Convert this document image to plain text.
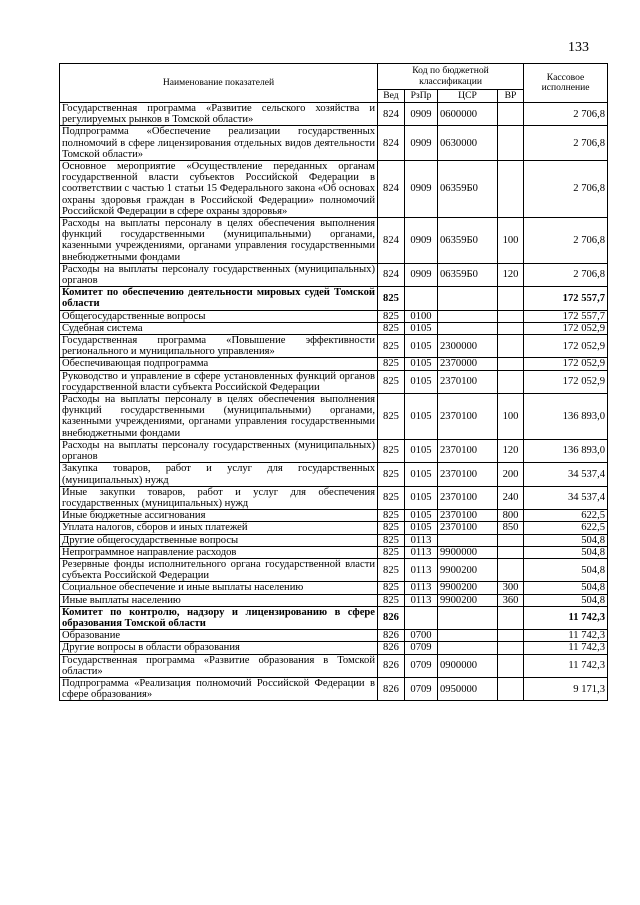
133
Наименование показателей	Код по бюджетной классификации				Кассовое исполнение
	Вед	РзПр	ЦСР	ВР	
Государственная программа «Развитие сельского хозяйства и регулируемых рынков в Томской области»	824	0909	0600000		2 706,8
Подпрограмма «Обеспечение реализации государственных полномочий в сфере лицензирования отдельных видов деятельности Томской области»	824	0909	0630000		2 706,8
Основное мероприятие «Осуществление переданных органам государственной власти субъектов Российской Федерации в соответствии с частью 1 статьи 15 Федерального закона «Об основах охраны здоровья граждан в Российской Федерации» полномочий Российской Федерации в сфере охраны здоровья»	824	0909	06359Б0		2 706,8
Расходы на выплаты персоналу в целях обеспечения выполнения функций государственными (муниципальными) органами, казенными учреждениями, органами управления государственными внебюджетными фондами	824	0909	06359Б0	100	2 706,8
Расходы на выплаты персоналу государственных (муниципальных) органов	824	0909	06359Б0	120	2 706,8
Комитет по обеспечению деятельности мировых судей Томской области	825				172 557,7
Общегосударственные вопросы	825	0100			172 557,7
Судебная система	825	0105			172 052,9
Государственная программа «Повышение эффективности регионального и муниципального управления»	825	0105	2300000		172 052,9
Обеспечивающая подпрограмма	825	0105	2370000		172 052,9
Руководство и управление в сфере установленных функций органов государственной власти субъекта Российской Федерации	825	0105	2370100		172 052,9
Расходы на выплаты персоналу в целях обеспечения выполнения функций государственными (муниципальными) органами, казенными учреждениями, органами управления государственными внебюджетными фондами	825	0105	2370100	100	136 893,0
Расходы на выплаты персоналу государственных (муниципальных) органов	825	0105	2370100	120	136 893,0
Закупка товаров, работ и услуг для государственных (муниципальных) нужд	825	0105	2370100	200	34 537,4
Иные закупки товаров, работ и услуг для обеспечения государственных (муниципальных) нужд	825	0105	2370100	240	34 537,4
Иные бюджетные ассигнования	825	0105	2370100	800	622,5
Уплата налогов, сборов и иных платежей	825	0105	2370100	850	622,5
Другие общегосударственные вопросы	825	0113			504,8
Непрограммное направление расходов	825	0113	9900000		504,8
Резервные фонды исполнительного органа государственной власти субъекта Российской Федерации	825	0113	9900200		504,8
Социальное обеспечение и иные выплаты населению	825	0113	9900200	300	504,8
Иные выплаты населению	825	0113	9900200	360	504,8
Комитет по контролю, надзору и лицензированию в сфере образования Томской области	826				11 742,3
Образование	826	0700			11 742,3
Другие вопросы в области образования	826	0709			11 742,3
Государственная программа «Развитие образования в Томской области»	826	0709	0900000		11 742,3
Подпрограмма «Реализация полномочий Российской Федерации в сфере образования»	826	0709	0950000		9 171,3
